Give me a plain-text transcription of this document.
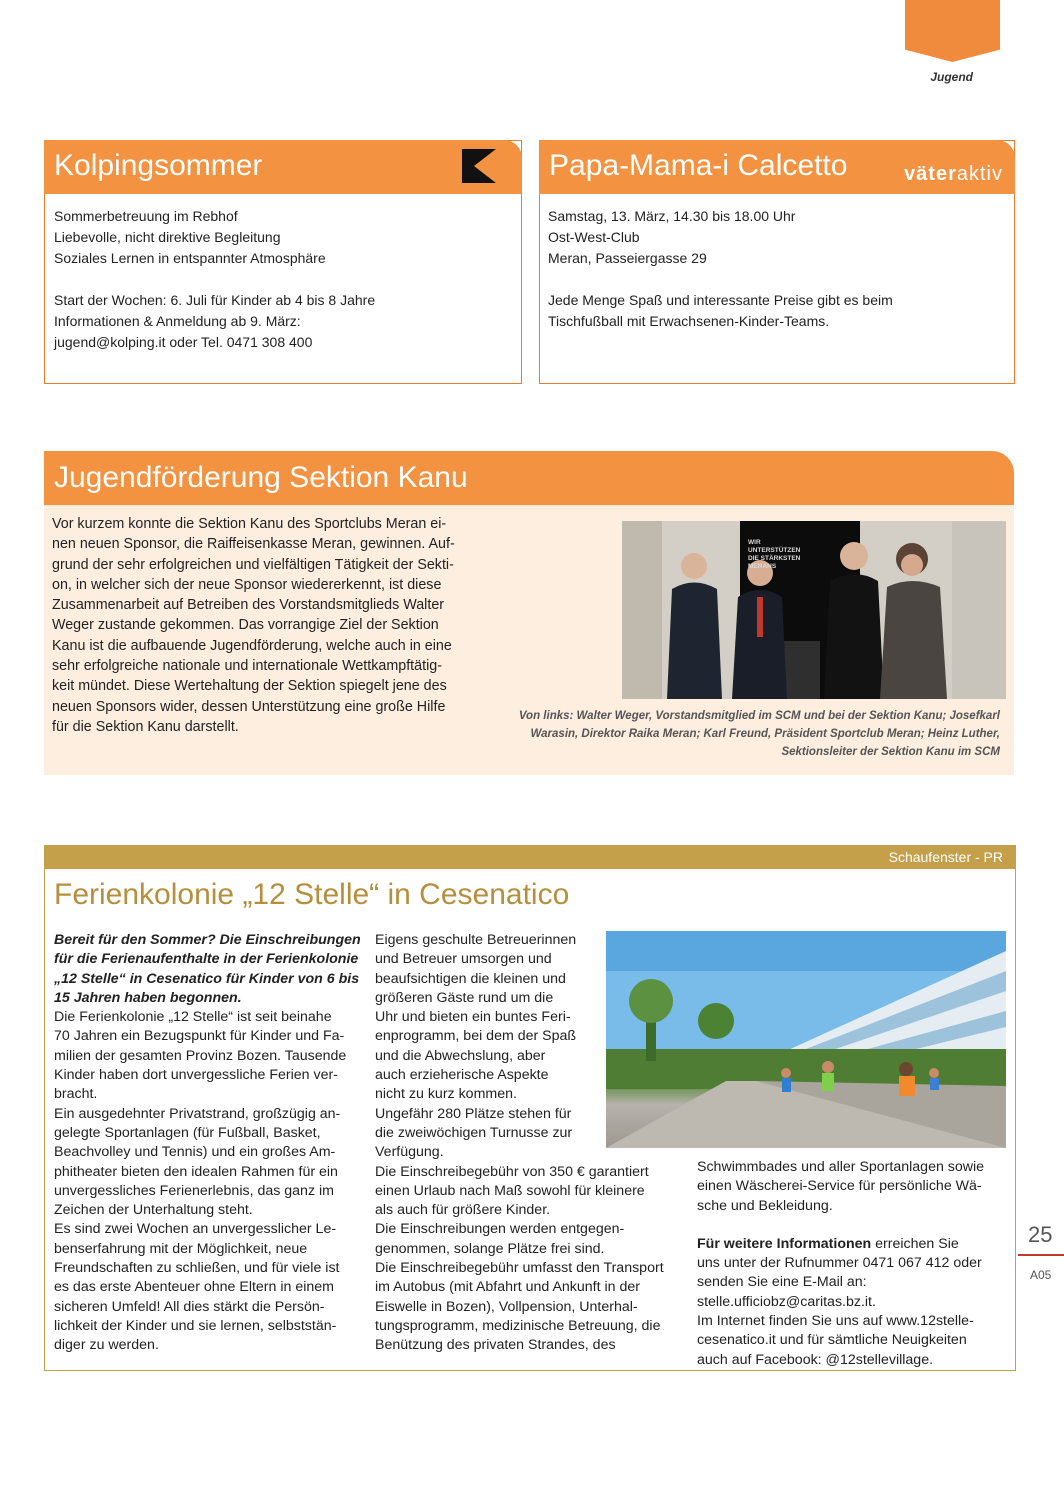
Jugend
Kolpingsommer

Sommerbetreuung im Rebhof
Liebevolle, nicht direktive Begleitung
Soziales Lernen in entspannter Atmosphäre

Start der Wochen: 6. Juli für Kinder ab 4 bis 8 Jahre
Informationen & Anmeldung ab 9. März:
jugend@kolping.it oder Tel. 0471 308 400

Papa-Mama-i Calcetto	väteraktiv
www.vaeter-aktiv.it

Samstag, 13. März, 14.30 bis 18.00 Uhr
Ost-West-Club
Meran, Passeiergasse 29

Jede Menge Spaß und interessante Preise gibt es beim
Tischfußball mit Erwachsenen-Kinder-Teams.

Jugendförderung Sektion Kanu
Vor kurzem konnte die Sektion Kanu des Sportclubs Meran ei-
nen neuen Sponsor, die Raiffeisenkasse Meran, gewinnen. Auf-
grund der sehr erfolgreichen und vielfältigen Tätigkeit der Sekti-
on, in welcher sich der neue Sponsor wiedererkennt, ist diese
Zusammenarbeit auf Betreiben des Vorstandsmitglieds Walter
Weger zustande gekommen. Das vorrangige Ziel der Sektion
Kanu ist die aufbauende Jugendförderung, welche auch in eine
sehr erfolgreiche nationale und internationale Wettkampftätig-
keit mündet. Diese Wertehaltung der Sektion spiegelt jene des
neuen Sponsors wider, dessen Unterstützung eine große Hilfe
für die Sektion Kanu darstellt.
WIR
UNTERSTÜTZEN
DIE STÄRKSTEN
MERANS
Von links: Walter Weger, Vorstandsmitglied im SCM und bei der Sektion Kanu; Josefkarl
Warasin, Direktor Raika Meran; Karl Freund, Präsident Sportclub Meran; Heinz Luther,
Sektionsleiter der Sektion Kanu im SCM
Schaufenster - PR
Ferienkolonie „12 Stelle“ in Cesenatico
Bereit für den Sommer? Die Einschreibungen
für die Ferienaufenthalte in der Ferienkolonie
„12 Stelle“ in Cesenatico für Kinder von 6 bis
15 Jahren haben begonnen.
Die Ferienkolonie „12 Stelle“ ist seit beinahe
70 Jahren ein Bezugspunkt für Kinder und Fa-
milien der gesamten Provinz Bozen. Tausende
Kinder haben dort unvergessliche Ferien ver-
bracht.
Ein ausgedehnter Privatstrand, großzügig an-
gelegte Sportanlagen (für Fußball, Basket,
Beachvolley und Tennis) und ein großes Am-
phitheater bieten den idealen Rahmen für ein
unvergessliches Ferienerlebnis, das ganz im
Zeichen der Unterhaltung steht.
Es sind zwei Wochen an unvergesslicher Le-
benserfahrung mit der Möglichkeit, neue
Freundschaften zu schließen, und für viele ist
es das erste Abenteuer ohne Eltern in einem
sicheren Umfeld! All dies stärkt die Persön-
lichkeit der Kinder und sie lernen, selbststän-
diger zu werden.
Eigens geschulte Betreuerinnen
und Betreuer umsorgen und
beaufsichtigen die kleinen und
größeren Gäste rund um die
Uhr und bieten ein buntes Feri-
enprogramm, bei dem der Spaß
und die Abwechslung, aber
auch erzieherische Aspekte
nicht zu kurz kommen.
Ungefähr 280 Plätze stehen für
die zweiwöchigen Turnusse zur
Verfügung.
Die Einschreibegebühr von 350 € garantiert
einen Urlaub nach Maß sowohl für kleinere
als auch für größere Kinder.
Die Einschreibungen werden entgegen-
genommen, solange Plätze frei sind.
Die Einschreibegebühr umfasst den Transport
im Autobus (mit Abfahrt und Ankunft in der
Eiswelle in Bozen), Vollpension, Unterhal-
tungsprogramm, medizinische Betreuung, die
Benützung des privaten Strandes, des
Schwimmbades und aller Sportanlagen sowie
einen Wäscherei-Service für persönliche Wä-
sche und Bekleidung.
Für weitere Informationen erreichen Sie
uns unter der Rufnummer 0471 067 412 oder
senden Sie eine E-Mail an:
stelle.ufficiobz@caritas.bz.it.
Im Internet finden Sie uns auf www.12stelle-
cesenatico.it und für sämtliche Neuigkeiten
auch auf Facebook: @12stellevillage.
25
A05
